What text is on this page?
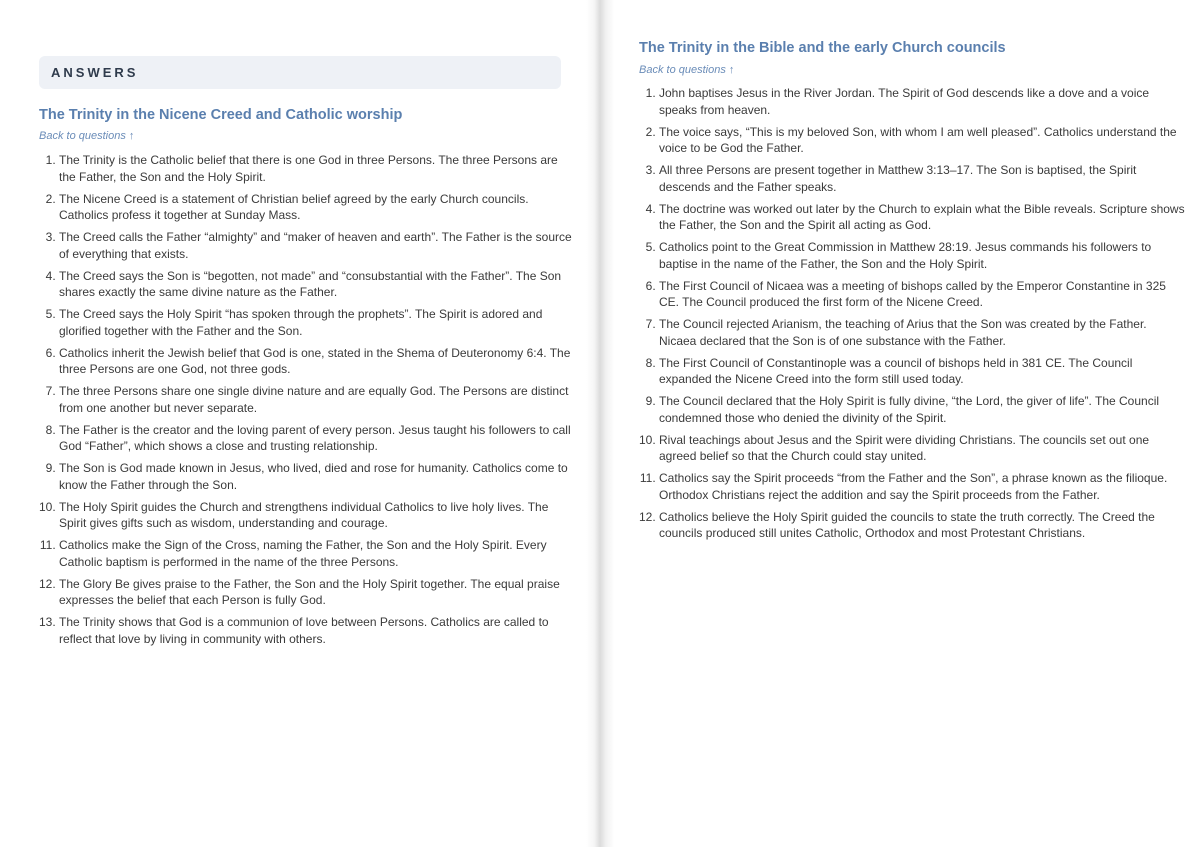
ANSWERS
The Trinity in the Nicene Creed and Catholic worship
Back to questions ↑
1. The Trinity is the Catholic belief that there is one God in three Persons. The three Persons are the Father, the Son and the Holy Spirit.
2. The Nicene Creed is a statement of Christian belief agreed by the early Church councils. Catholics profess it together at Sunday Mass.
3. The Creed calls the Father “almighty” and “maker of heaven and earth”. The Father is the source of everything that exists.
4. The Creed says the Son is “begotten, not made” and “consubstantial with the Father”. The Son shares exactly the same divine nature as the Father.
5. The Creed says the Holy Spirit “has spoken through the prophets”. The Spirit is adored and glorified together with the Father and the Son.
6. Catholics inherit the Jewish belief that God is one, stated in the Shema of Deuteronomy 6:4. The three Persons are one God, not three gods.
7. The three Persons share one single divine nature and are equally God. The Persons are distinct from one another but never separate.
8. The Father is the creator and the loving parent of every person. Jesus taught his followers to call God “Father”, which shows a close and trusting relationship.
9. The Son is God made known in Jesus, who lived, died and rose for humanity. Catholics come to know the Father through the Son.
10. The Holy Spirit guides the Church and strengthens individual Catholics to live holy lives. The Spirit gives gifts such as wisdom, understanding and courage.
11. Catholics make the Sign of the Cross, naming the Father, the Son and the Holy Spirit. Every Catholic baptism is performed in the name of the three Persons.
12. The Glory Be gives praise to the Father, the Son and the Holy Spirit together. The equal praise expresses the belief that each Person is fully God.
13. The Trinity shows that God is a communion of love between Persons. Catholics are called to reflect that love by living in community with others.
The Trinity in the Bible and the early Church councils
Back to questions ↑
1. John baptises Jesus in the River Jordan. The Spirit of God descends like a dove and a voice speaks from heaven.
2. The voice says, “This is my beloved Son, with whom I am well pleased”. Catholics understand the voice to be God the Father.
3. All three Persons are present together in Matthew 3:13–17. The Son is baptised, the Spirit descends and the Father speaks.
4. The doctrine was worked out later by the Church to explain what the Bible reveals. Scripture shows the Father, the Son and the Spirit all acting as God.
5. Catholics point to the Great Commission in Matthew 28:19. Jesus commands his followers to baptise in the name of the Father, the Son and the Holy Spirit.
6. The First Council of Nicaea was a meeting of bishops called by the Emperor Constantine in 325 CE. The Council produced the first form of the Nicene Creed.
7. The Council rejected Arianism, the teaching of Arius that the Son was created by the Father. Nicaea declared that the Son is of one substance with the Father.
8. The First Council of Constantinople was a council of bishops held in 381 CE. The Council expanded the Nicene Creed into the form still used today.
9. The Council declared that the Holy Spirit is fully divine, “the Lord, the giver of life”. The Council condemned those who denied the divinity of the Spirit.
10. Rival teachings about Jesus and the Spirit were dividing Christians. The councils set out one agreed belief so that the Church could stay united.
11. Catholics say the Spirit proceeds “from the Father and the Son”, a phrase known as the filioque. Orthodox Christians reject the addition and say the Spirit proceeds from the Father.
12. Catholics believe the Holy Spirit guided the councils to state the truth correctly. The Creed the councils produced still unites Catholic, Orthodox and most Protestant Christians.
